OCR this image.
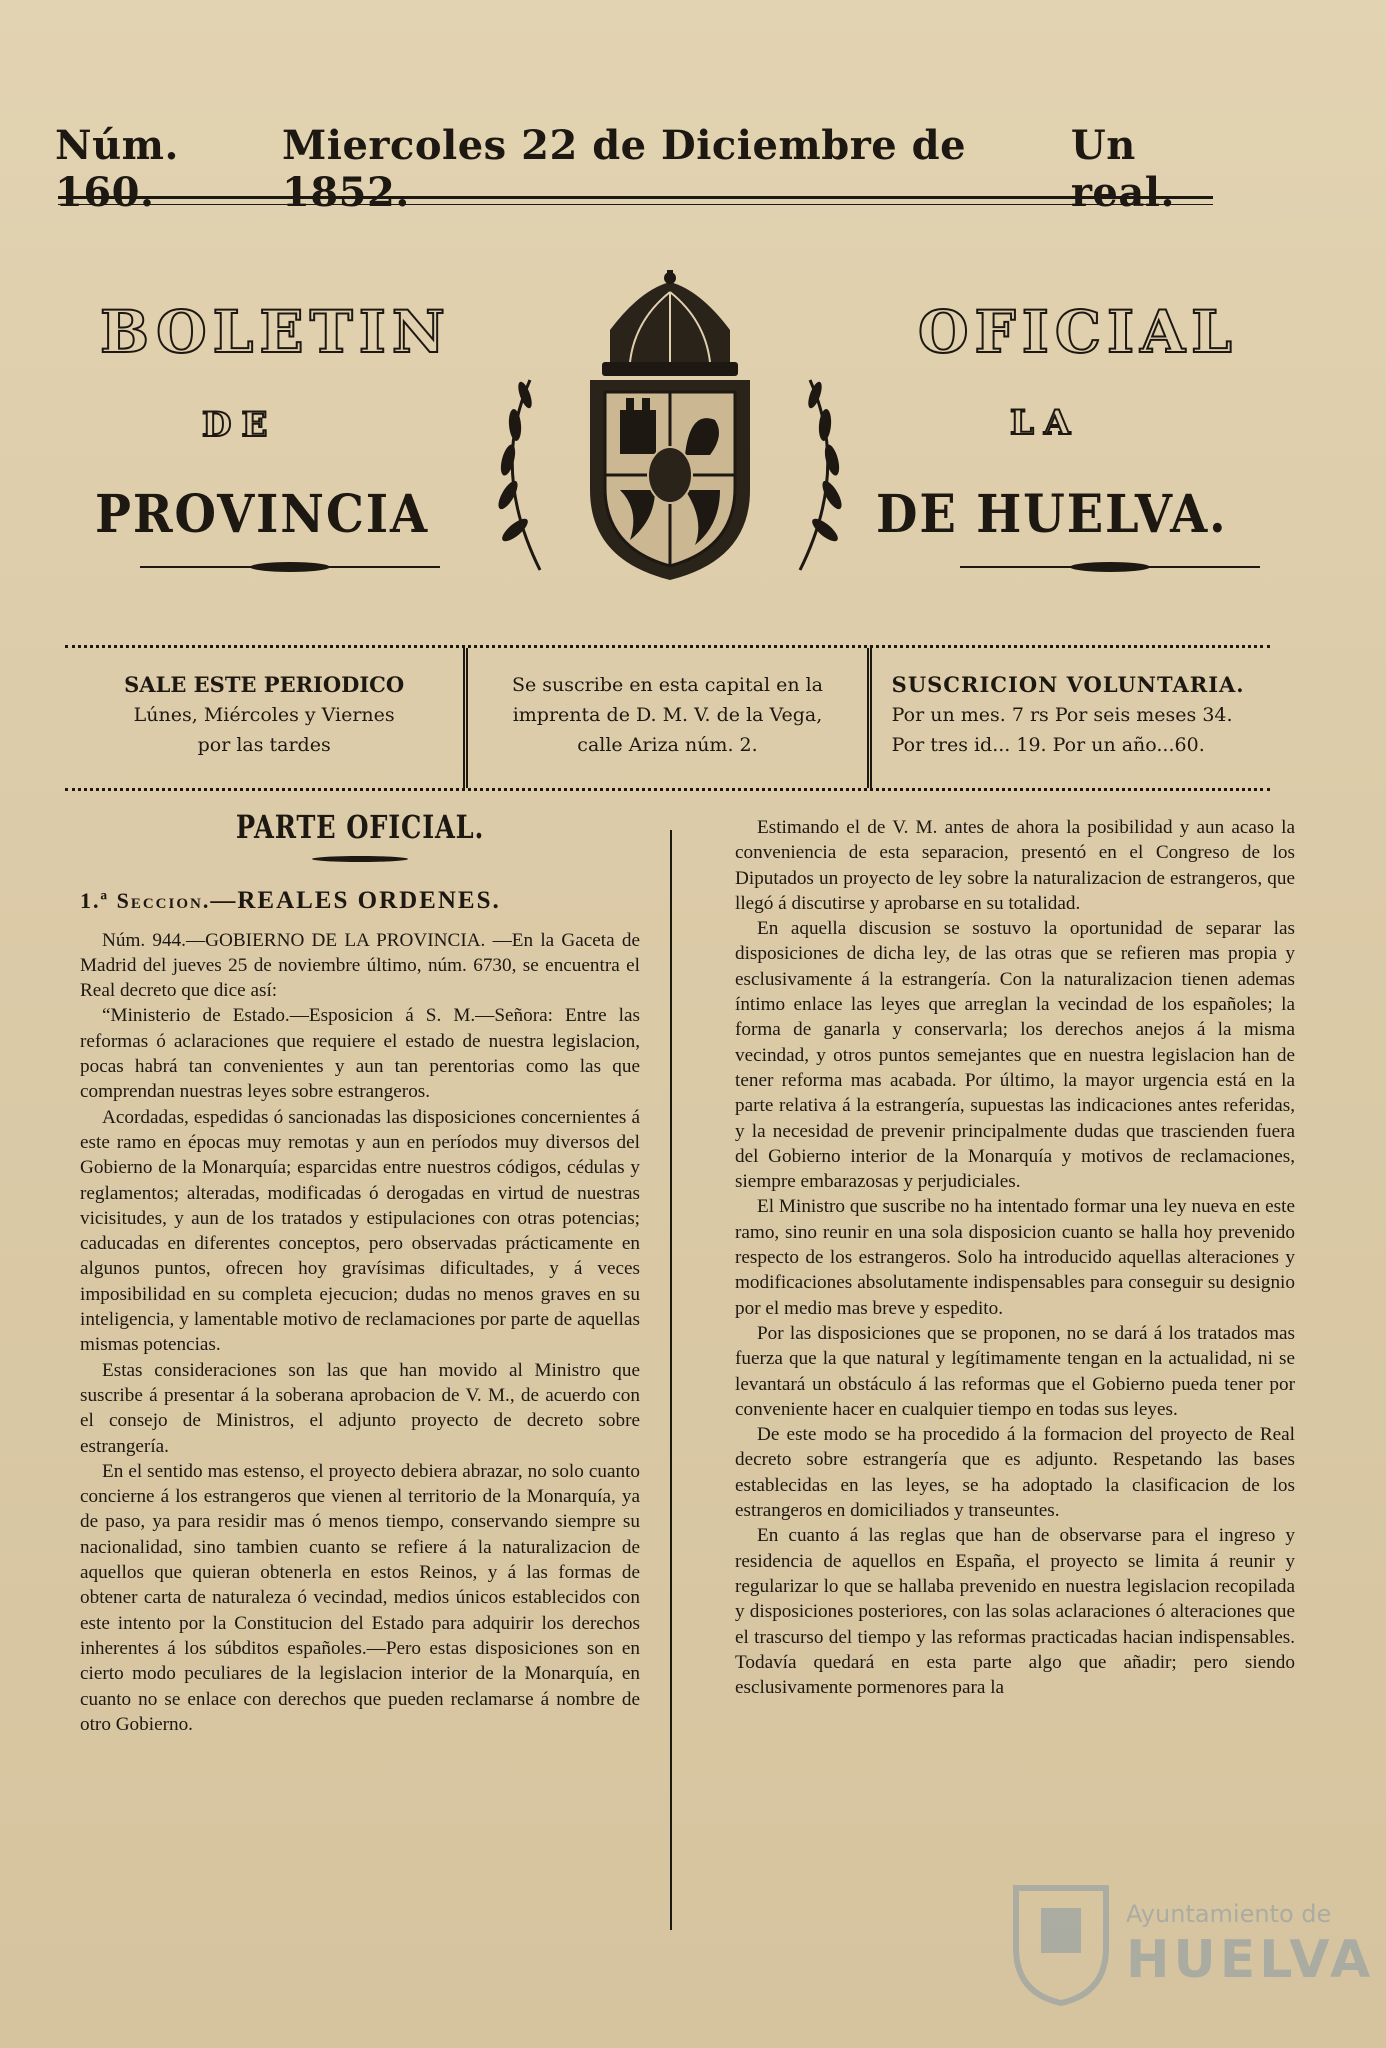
Núm. 160.
Miercoles 22 de Diciembre de 1852.
Un real.
BOLETIN	OFICIAL
DE	LA
PROVINCIA	DE HUELVA.
SALE ESTE PERIODICO
Lúnes, Miércoles y Viernes
por las tardes
Se suscribe en esta capital en la
imprenta de D. M. V. de la Vega,
calle Ariza núm. 2.
SUSCRICION VOLUNTARIA.
Por un mes. 7 rs Por seis meses 34.
Por tres id... 19. Por un año...60.
PARTE OFICIAL.
1.ª Seccion.—REALES ORDENES.

Núm. 944.—GOBIERNO DE LA PROVINCIA. —En la Gaceta de Madrid del jueves 25 de noviembre último, núm. 6730, se encuentra el Real decreto que dice así:

“Ministerio de Estado.—Esposicion á S. M.—Señora: Entre las reformas ó aclaraciones que requiere el estado de nuestra legislacion, pocas habrá tan convenientes y aun tan perentorias como las que comprendan nuestras leyes sobre estrangeros.

Acordadas, espedidas ó sancionadas las disposiciones concernientes á este ramo en épocas muy remotas y aun en períodos muy diversos del Gobierno de la Monarquía; esparcidas entre nuestros códigos, cédulas y reglamentos; alteradas, modificadas ó derogadas en virtud de nuestras vicisitudes, y aun de los tratados y estipulaciones con otras potencias; caducadas en diferentes conceptos, pero observadas prácticamente en algunos puntos, ofrecen hoy gravísimas dificultades, y á veces imposibilidad en su completa ejecucion; dudas no menos graves en su inteligencia, y lamentable motivo de reclamaciones por parte de aquellas mismas potencias.

Estas consideraciones son las que han movido al Ministro que suscribe á presentar á la soberana aprobacion de V. M., de acuerdo con el consejo de Ministros, el adjunto proyecto de decreto sobre estrangería.

En el sentido mas estenso, el proyecto debiera abrazar, no solo cuanto concierne á los estrangeros que vienen al territorio de la Monarquía, ya de paso, ya para residir mas ó menos tiempo, conservando siempre su nacionalidad, sino tambien cuanto se refiere á la naturalizacion de aquellos que quieran obtenerla en estos Reinos, y á las formas de obtener carta de naturaleza ó vecindad, medios únicos establecidos con este intento por la Constitucion del Estado para adquirir los derechos inherentes á los súbditos españoles.—Pero estas disposiciones son en cierto modo peculiares de la legislacion interior de la Monarquía, en cuanto no se enlace con derechos que pueden reclamarse á nombre de otro Gobierno.

Estimando el de V. M. antes de ahora la posibilidad y aun acaso la conveniencia de esta separacion, presentó en el Congreso de los Diputados un proyecto de ley sobre la naturalizacion de estrangeros, que llegó á discutirse y aprobarse en su totalidad.

En aquella discusion se sostuvo la oportunidad de separar las disposiciones de dicha ley, de las otras que se refieren mas propia y esclusivamente á la estrangería. Con la naturalizacion tienen ademas íntimo enlace las leyes que arreglan la vecindad de los españoles; la forma de ganarla y conservarla; los derechos anejos á la misma vecindad, y otros puntos semejantes que en nuestra legislacion han de tener reforma mas acabada. Por último, la mayor urgencia está en la parte relativa á la estrangería, supuestas las indicaciones antes referidas, y la necesidad de prevenir principalmente dudas que trascienden fuera del Gobierno interior de la Monarquía y motivos de reclamaciones, siempre embarazosas y perjudiciales.

El Ministro que suscribe no ha intentado formar una ley nueva en este ramo, sino reunir en una sola disposicion cuanto se halla hoy prevenido respecto de los estrangeros. Solo ha introducido aquellas alteraciones y modificaciones absolutamente indispensables para conseguir su designio por el medio mas breve y espedito.

Por las disposiciones que se proponen, no se dará á los tratados mas fuerza que la que natural y legítimamente tengan en la actualidad, ni se levantará un obstáculo á las reformas que el Gobierno pueda tener por conveniente hacer en cualquier tiempo en todas sus leyes.

De este modo se ha procedido á la formacion del proyecto de Real decreto sobre estrangería que es adjunto. Respetando las bases establecidas en las leyes, se ha adoptado la clasificacion de los estrangeros en domiciliados y transeuntes.

En cuanto á las reglas que han de observarse para el ingreso y residencia de aquellos en España, el proyecto se limita á reunir y regularizar lo que se hallaba prevenido en nuestra legislacion recopilada y disposiciones posteriores, con las solas aclaraciones ó alteraciones que el trascurso del tiempo y las reformas practicadas hacian indispensables. Todavía quedará en esta parte algo que añadir; pero siendo esclusivamente pormenores para la

Ayuntamiento de
HUELVA
